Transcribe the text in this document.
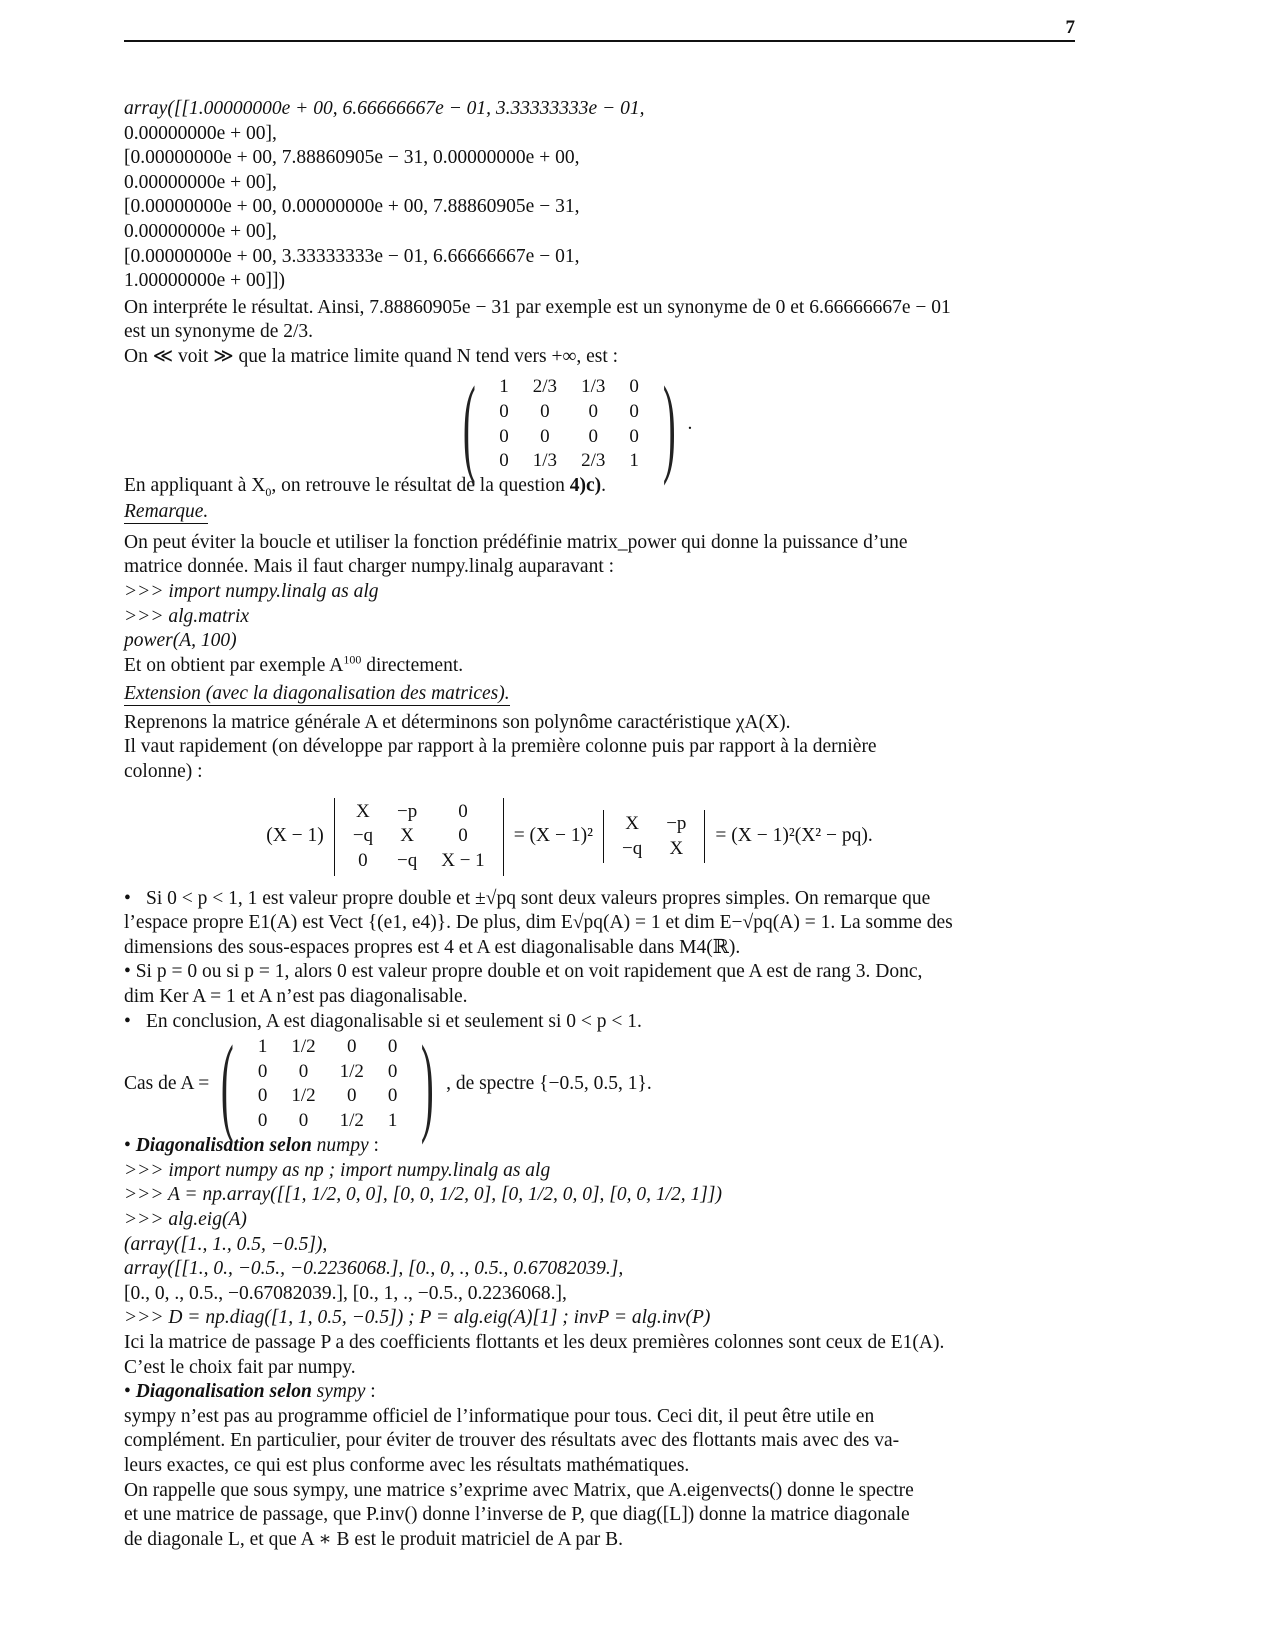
7
array([[1.00000000e + 00, 6.66666667e − 01, 3.33333333e − 01,
0.00000000e + 00],
[0.00000000e + 00, 7.88860905e − 31, 0.00000000e + 00,
0.00000000e + 00],
[0.00000000e + 00, 0.00000000e + 00, 7.88860905e − 31,
0.00000000e + 00],
[0.00000000e + 00, 3.33333333e − 01, 6.66666667e − 01,
1.00000000e + 00]])
On interpréte le résultat. Ainsi, 7.88860905e − 31 par exemple est un synonyme de 0 et 6.66666667e − 01
est un synonyme de 2/3.
On ≪ voit ≫ que la matrice limite quand N tend vers +∞, est :
( 1	2/3	1/3	0
0	0	0	0
0	0	0	0
0	1/3	2/3	1 ) .
En appliquant à $X_0$, on retrouve le résultat de la question 4)c).
Remarque.
On peut éviter la boucle et utiliser la fonction prédéfinie matrix_power qui donne la puissance d’une
matrice donnée. Mais il faut charger numpy.linalg auparavant :
>>> import numpy.linalg as alg
>>> alg.matrix
power(A, 100)
Et on obtient par exemple $A^{100}$ directement.
Extension (avec la diagonalisation des matrices).
Reprenons la matrice générale A et déterminons son polynôme caractéristique χA(X).
Il vaut rapidement (on développe par rapport à la première colonne puis par rapport à la dernière
colonne) :
(X − 1)
X	−p	0
−q	X	0
0	−q	X − 1
= (X − 1)²
X	−p
−q	X
= (X − 1)²(X² − pq).
• Si 0 < p < 1, 1 est valeur propre double et ±√pq sont deux valeurs propres simples. On remarque que
l’espace propre E1(A) est Vect {(e1, e4)}. De plus, dim E√pq(A) = 1 et dim E−√pq(A) = 1. La somme des
dimensions des sous-espaces propres est 4 et A est diagonalisable dans M4(ℝ).
• Si p = 0 ou si p = 1, alors 0 est valeur propre double et on voit rapidement que A est de rang 3. Donc,
dim Ker A = 1 et A n’est pas diagonalisable.
• En conclusion, A est diagonalisable si et seulement si 0 < p < 1.
Cas de A = ( 1	1/2	0	0
0	0	1/2	0
0	1/2	0	0
0	0	1/2	1 ) , de spectre {−0.5, 0.5, 1}.
• Diagonalisation selon numpy :
>>> import numpy as np ; import numpy.linalg as alg
>>> A = np.array([[1, 1/2, 0, 0], [0, 0, 1/2, 0], [0, 1/2, 0, 0], [0, 0, 1/2, 1]])
>>> alg.eig(A)
(array([1., 1., 0.5, −0.5]),
array([[1., 0., −0.5., −0.2236068.], [0., 0, ., 0.5., 0.67082039.],
[0., 0, ., 0.5., −0.67082039.], [0., 1, ., −0.5., 0.2236068.],
>>> D = np.diag([1, 1, 0.5, −0.5]) ; P = alg.eig(A)[1] ; invP = alg.inv(P)
Ici la matrice de passage P a des coefficients flottants et les deux premières colonnes sont ceux de E1(A).
C’est le choix fait par numpy.
• Diagonalisation selon sympy :
sympy n’est pas au programme officiel de l’informatique pour tous. Ceci dit, il peut être utile en
complément. En particulier, pour éviter de trouver des résultats avec des flottants mais avec des va-
leurs exactes, ce qui est plus conforme avec les résultats mathématiques.
On rappelle que sous sympy, une matrice s’exprime avec Matrix, que A.eigenvects() donne le spectre
et une matrice de passage, que P.inv() donne l’inverse de P, que diag([L]) donne la matrice diagonale
de diagonale L, et que A ∗ B est le produit matriciel de A par B.
